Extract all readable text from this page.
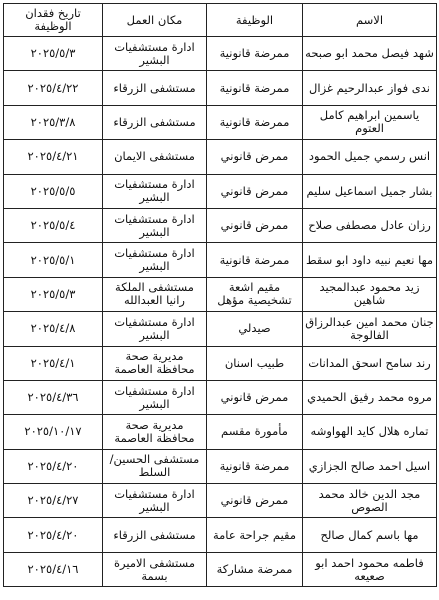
الاسم	الوظيفة	مكان العمل	تاريخ فقدان الوظيفة
شهد فيصل محمد ابو صبحه	ممرضة قانونية	ادارة مستشفيات البشير	٢٠٢٥/٥/٣
ندى فواز عبدالرحيم غزال	ممرضة قانونية	مستشفى الزرقاء	٢٠٢٥/٤/٢٢
ياسمين ابراهيم كامل العتوم	ممرضة قانونية	مستشفى الزرقاء	٢٠٢٥/٣/٨
انس رسمي جميل الحمود	ممرض قانوني	مستشفى الايمان	٢٠٢٥/٤/٢١
بشار جميل اسماعيل سليم	ممرض قانوني	ادارة مستشفيات البشير	٢٠٢٥/٥/٥
رزان عادل مصطفى صلاح	ممرض قانوني	ادارة مستشفيات البشير	٢٠٢٥/٥/٤
مها نعيم نبيه داود ابو سقط	ممرضة قانونية	ادارة مستشفيات البشير	٢٠٢٥/٥/١
زيد محمود عبدالمجيد شاهين	مقيم اشعة تشخيصية مؤهل	مستشفى الملكة رانيا العبدالله	٢٠٢٥/٥/٣
جنان محمد امين عبدالرزاق الفالوجة	صيدلي	ادارة مستشفيات البشير	٢٠٢٥/٤/٨
رند سامح اسحق المدانات	طبيب اسنان	مديرية صحة محافظة العاصمة	٢٠٢٥/٤/١
مروه محمد رفيق الحميدي	ممرض قانوني	ادارة مستشفيات البشير	٢٠٢٥/٤/٣٦
تماره هلال كايد الهواوشه	مأمورة مقسم	مديرية صحة محافظة العاصمة	٢٠٢٥/١٠/١٧
اسيل احمد صالح الجزازي	ممرضة قانونية	مستشفى الحسين/ السلط	٢٠٢٥/٤/٢٠
مجد الدين خالد محمد الصوص	ممرض قانوني	ادارة مستشفيات البشير	٢٠٢٥/٤/٢٧
مها باسم كمال صالح	مقيم جراحة عامة	مستشفى الزرقاء	٢٠٢٥/٤/٢٠
فاطمه محمود احمد ابو صعيعه	ممرضة مشاركة	مستشفى الاميرة بسمة	٢٠٢٥/٤/١٦
